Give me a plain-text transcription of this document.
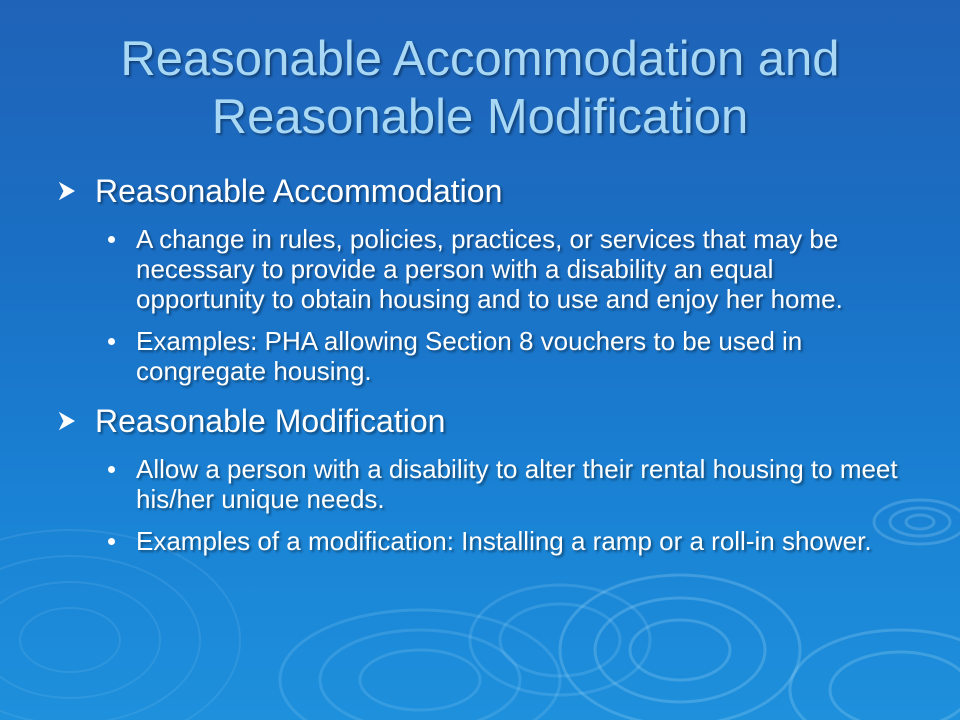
Reasonable Accommodation and
Reasonable Modification
Reasonable Accommodation
A change in rules, policies, practices, or services that may be necessary to provide a person with a disability an equal opportunity to obtain housing and to use and enjoy her home.
Examples: PHA allowing Section 8 vouchers to be used in congregate housing.
Reasonable Modification
Allow a person with a disability to alter their rental housing to meet his/her unique needs.
Examples of a modification: Installing a ramp or a roll-in shower.
